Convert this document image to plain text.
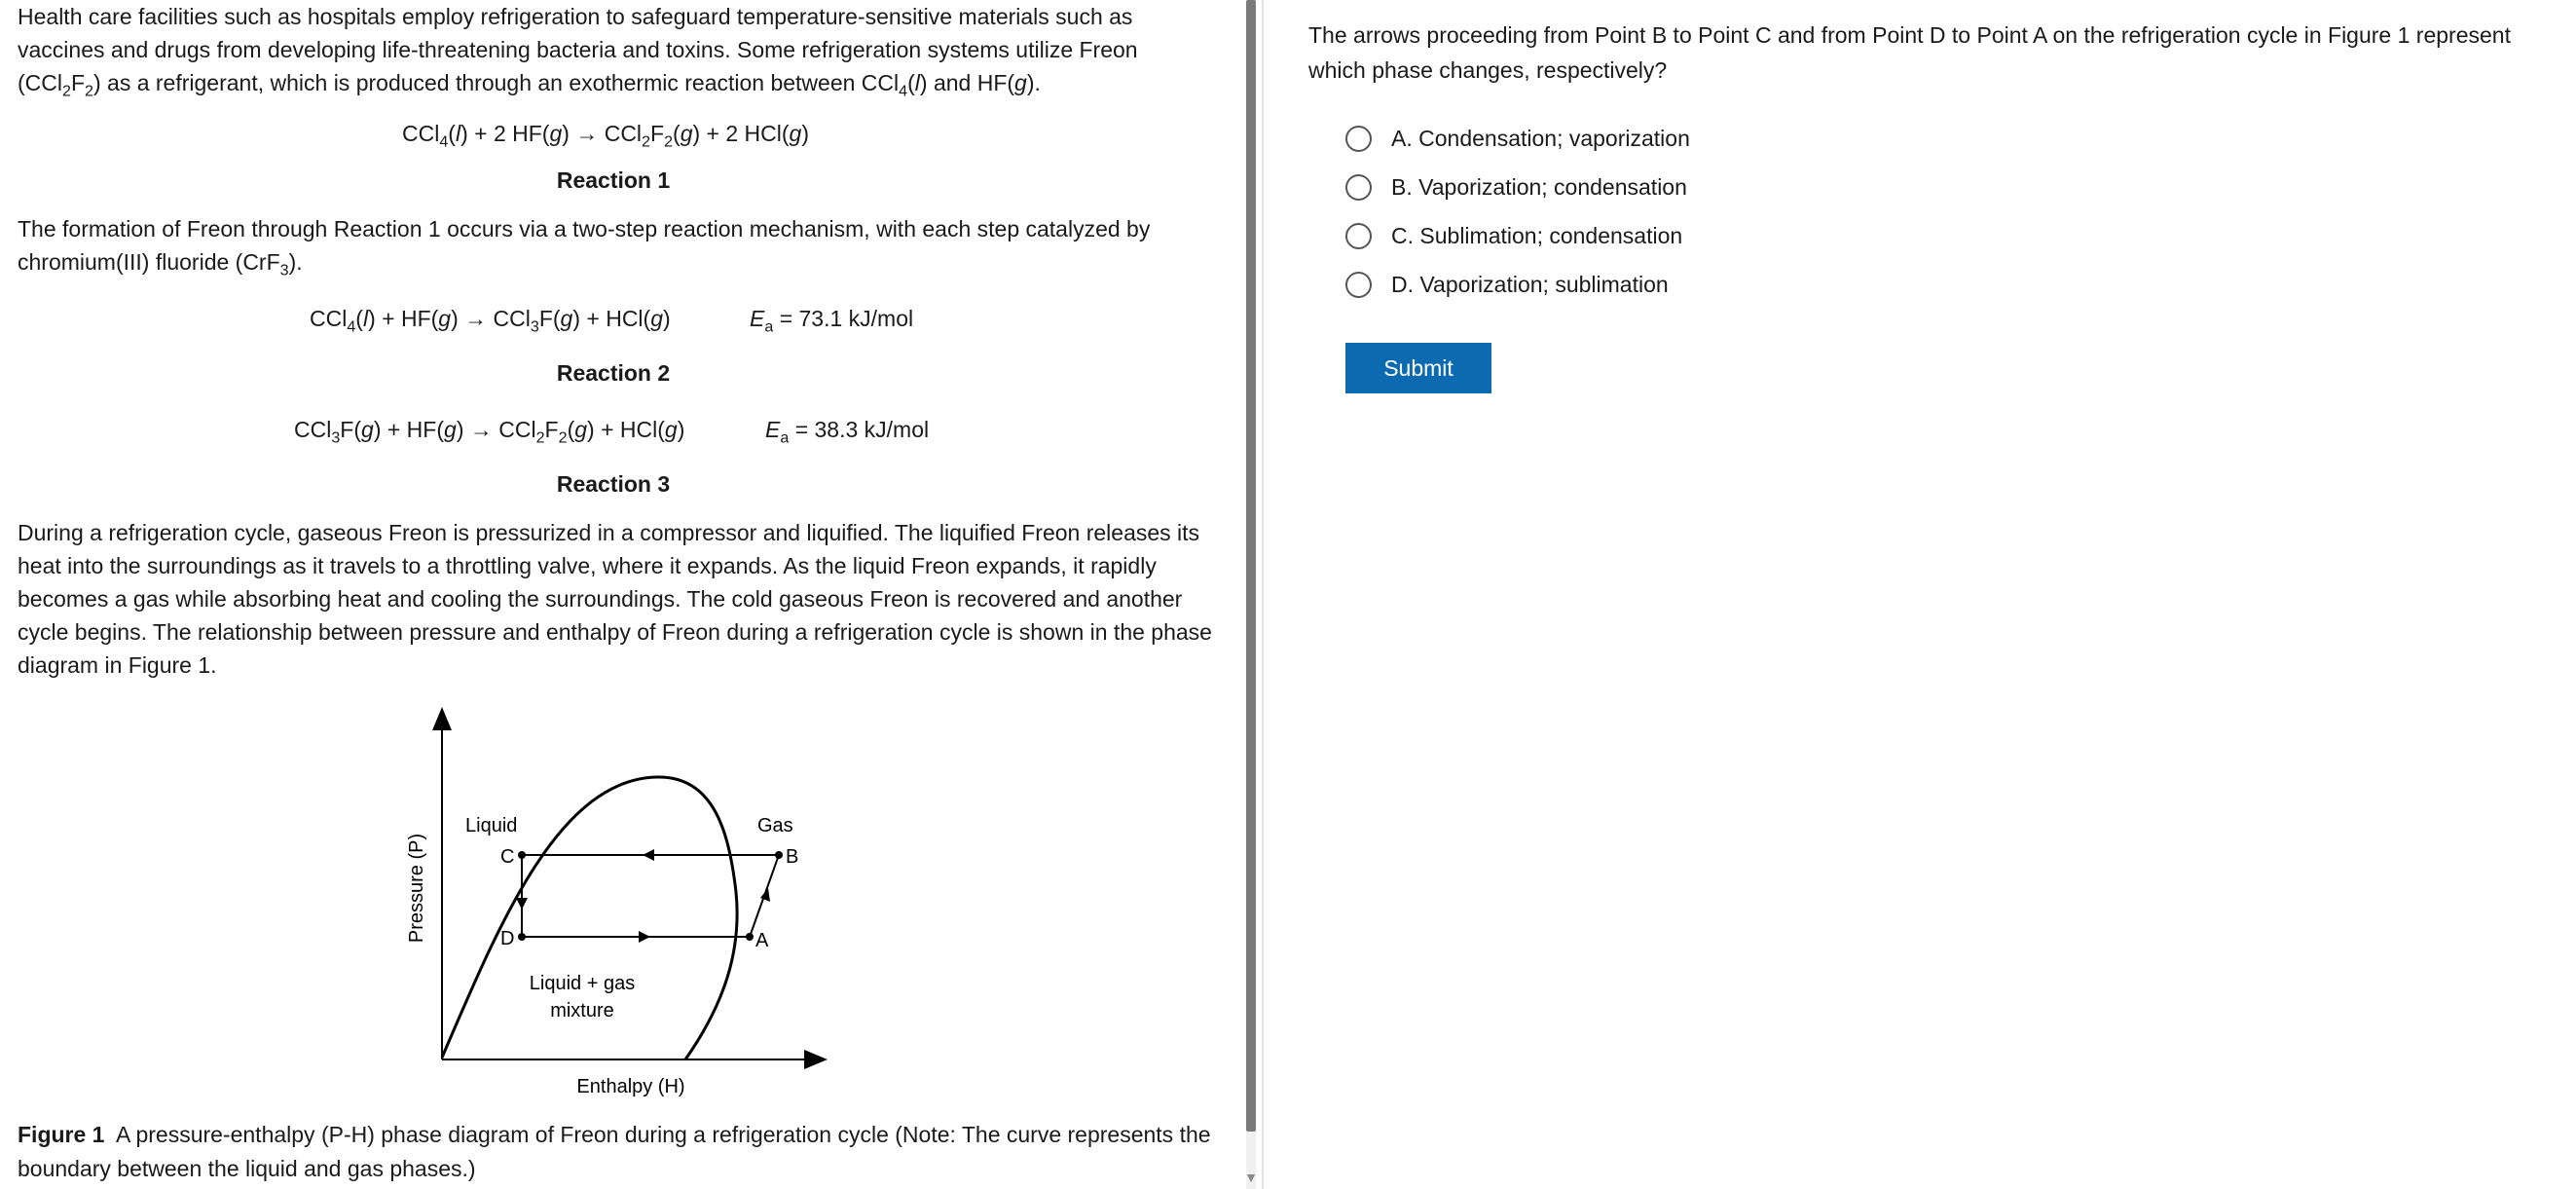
Health care facilities such as hospitals employ refrigeration to safeguard temperature-sensitive materials such as vaccines and drugs from developing life-threatening bacteria and toxins. Some refrigeration systems utilize Freon $(CCl_2F_2)$ as a refrigerant, which is produced through an exothermic reaction between CCl$_4$(l) and HF(g).

CCl$_4$(l) + 2 $HF(g) \to CCl_2F_2(g) + 2$ HCl(g)
Reaction 1

The formation of Freon through Reaction 1 occurs via a two-step reaction mechanism, with each step catalyzed by chromium(III) fluoride (CrF$_3$).

CCl$_4$(l) + HF(g) → CCl$_3$F(g) + HCl(g)	$E_a = 73.1$ kJ/mol
Reaction 2
$CCl_3F(g) + HF(g) \to CCl_2F_2(g) + HCl(g)$	$E_a = 38.3$ kJ/mol
Reaction 3

During a refrigeration cycle, gaseous Freon is pressurized in a compressor and liquified. The liquified Freon releases its heat into the surroundings as it travels to a throttling valve, where it expands. As the liquid Freon expands, it rapidly becomes a gas while absorbing heat and cooling the surroundings. The cold gaseous Freon is recovered and another cycle begins. The relationship between pressure and enthalpy of Freon during a refrigeration cycle is shown in the phase diagram in Figure 1.

Pressure (P)
Enthalpy (H)
Liquid	Gas
Liquid + gas
mixture
B
C
D	A

Figure 1 A pressure-enthalpy (P-H) phase diagram of Freon during a refrigeration cycle (Note: The curve represents the boundary between the liquid and gas phases.)	▼

The arrows proceeding from Point B to Point C and from Point D to Point A on the refrigeration cycle in Figure 1 represent which phase changes, respectively?

A. Condensation; vaporization
B. Vaporization; condensation
C. Sublimation; condensation
D. Vaporization; sublimation
Submit
